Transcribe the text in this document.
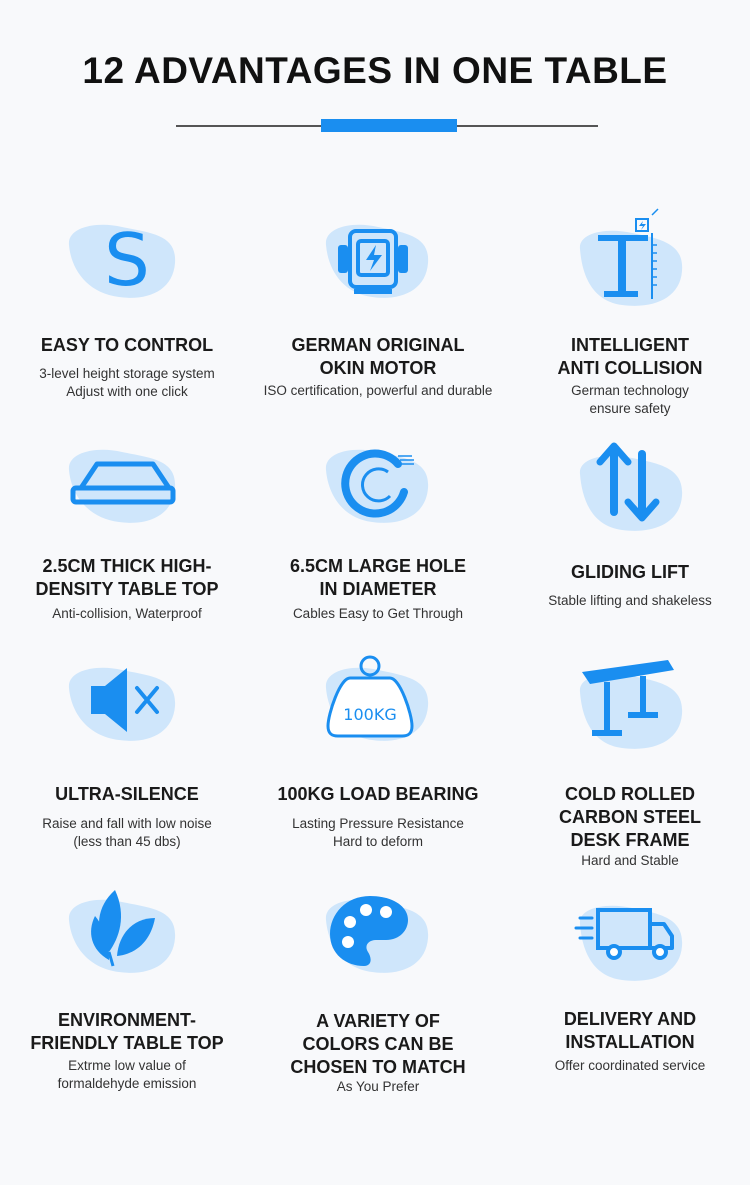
12 ADVANTAGES IN ONE TABLE
S
EASY TO CONTROL
3-level height storage system
Adjust with one click
GERMAN ORIGINAL
OKIN MOTOR
ISO certification, powerful and durable
INTELLIGENT
ANTI COLLISION
German technology
ensure safety
2.5CM THICK HIGH-
DENSITY TABLE TOP
Anti-collision, Waterproof
6.5CM LARGE HOLE
IN DIAMETER
Cables Easy to Get Through
GLIDING LIFT
Stable lifting and shakeless
ULTRA-SILENCE
Raise and fall with low noise
(less than 45 dbs)
100KG
100KG LOAD BEARING
Lasting Pressure Resistance
Hard to deform
COLD ROLLED
CARBON STEEL
DESK FRAME
Hard and Stable
ENVIRONMENT-
FRIENDLY TABLE TOP
Extrme low value of
formaldehyde emission
A VARIETY OF
COLORS CAN BE
CHOSEN TO MATCH
As You Prefer
DELIVERY AND
INSTALLATION
Offer coordinated service
